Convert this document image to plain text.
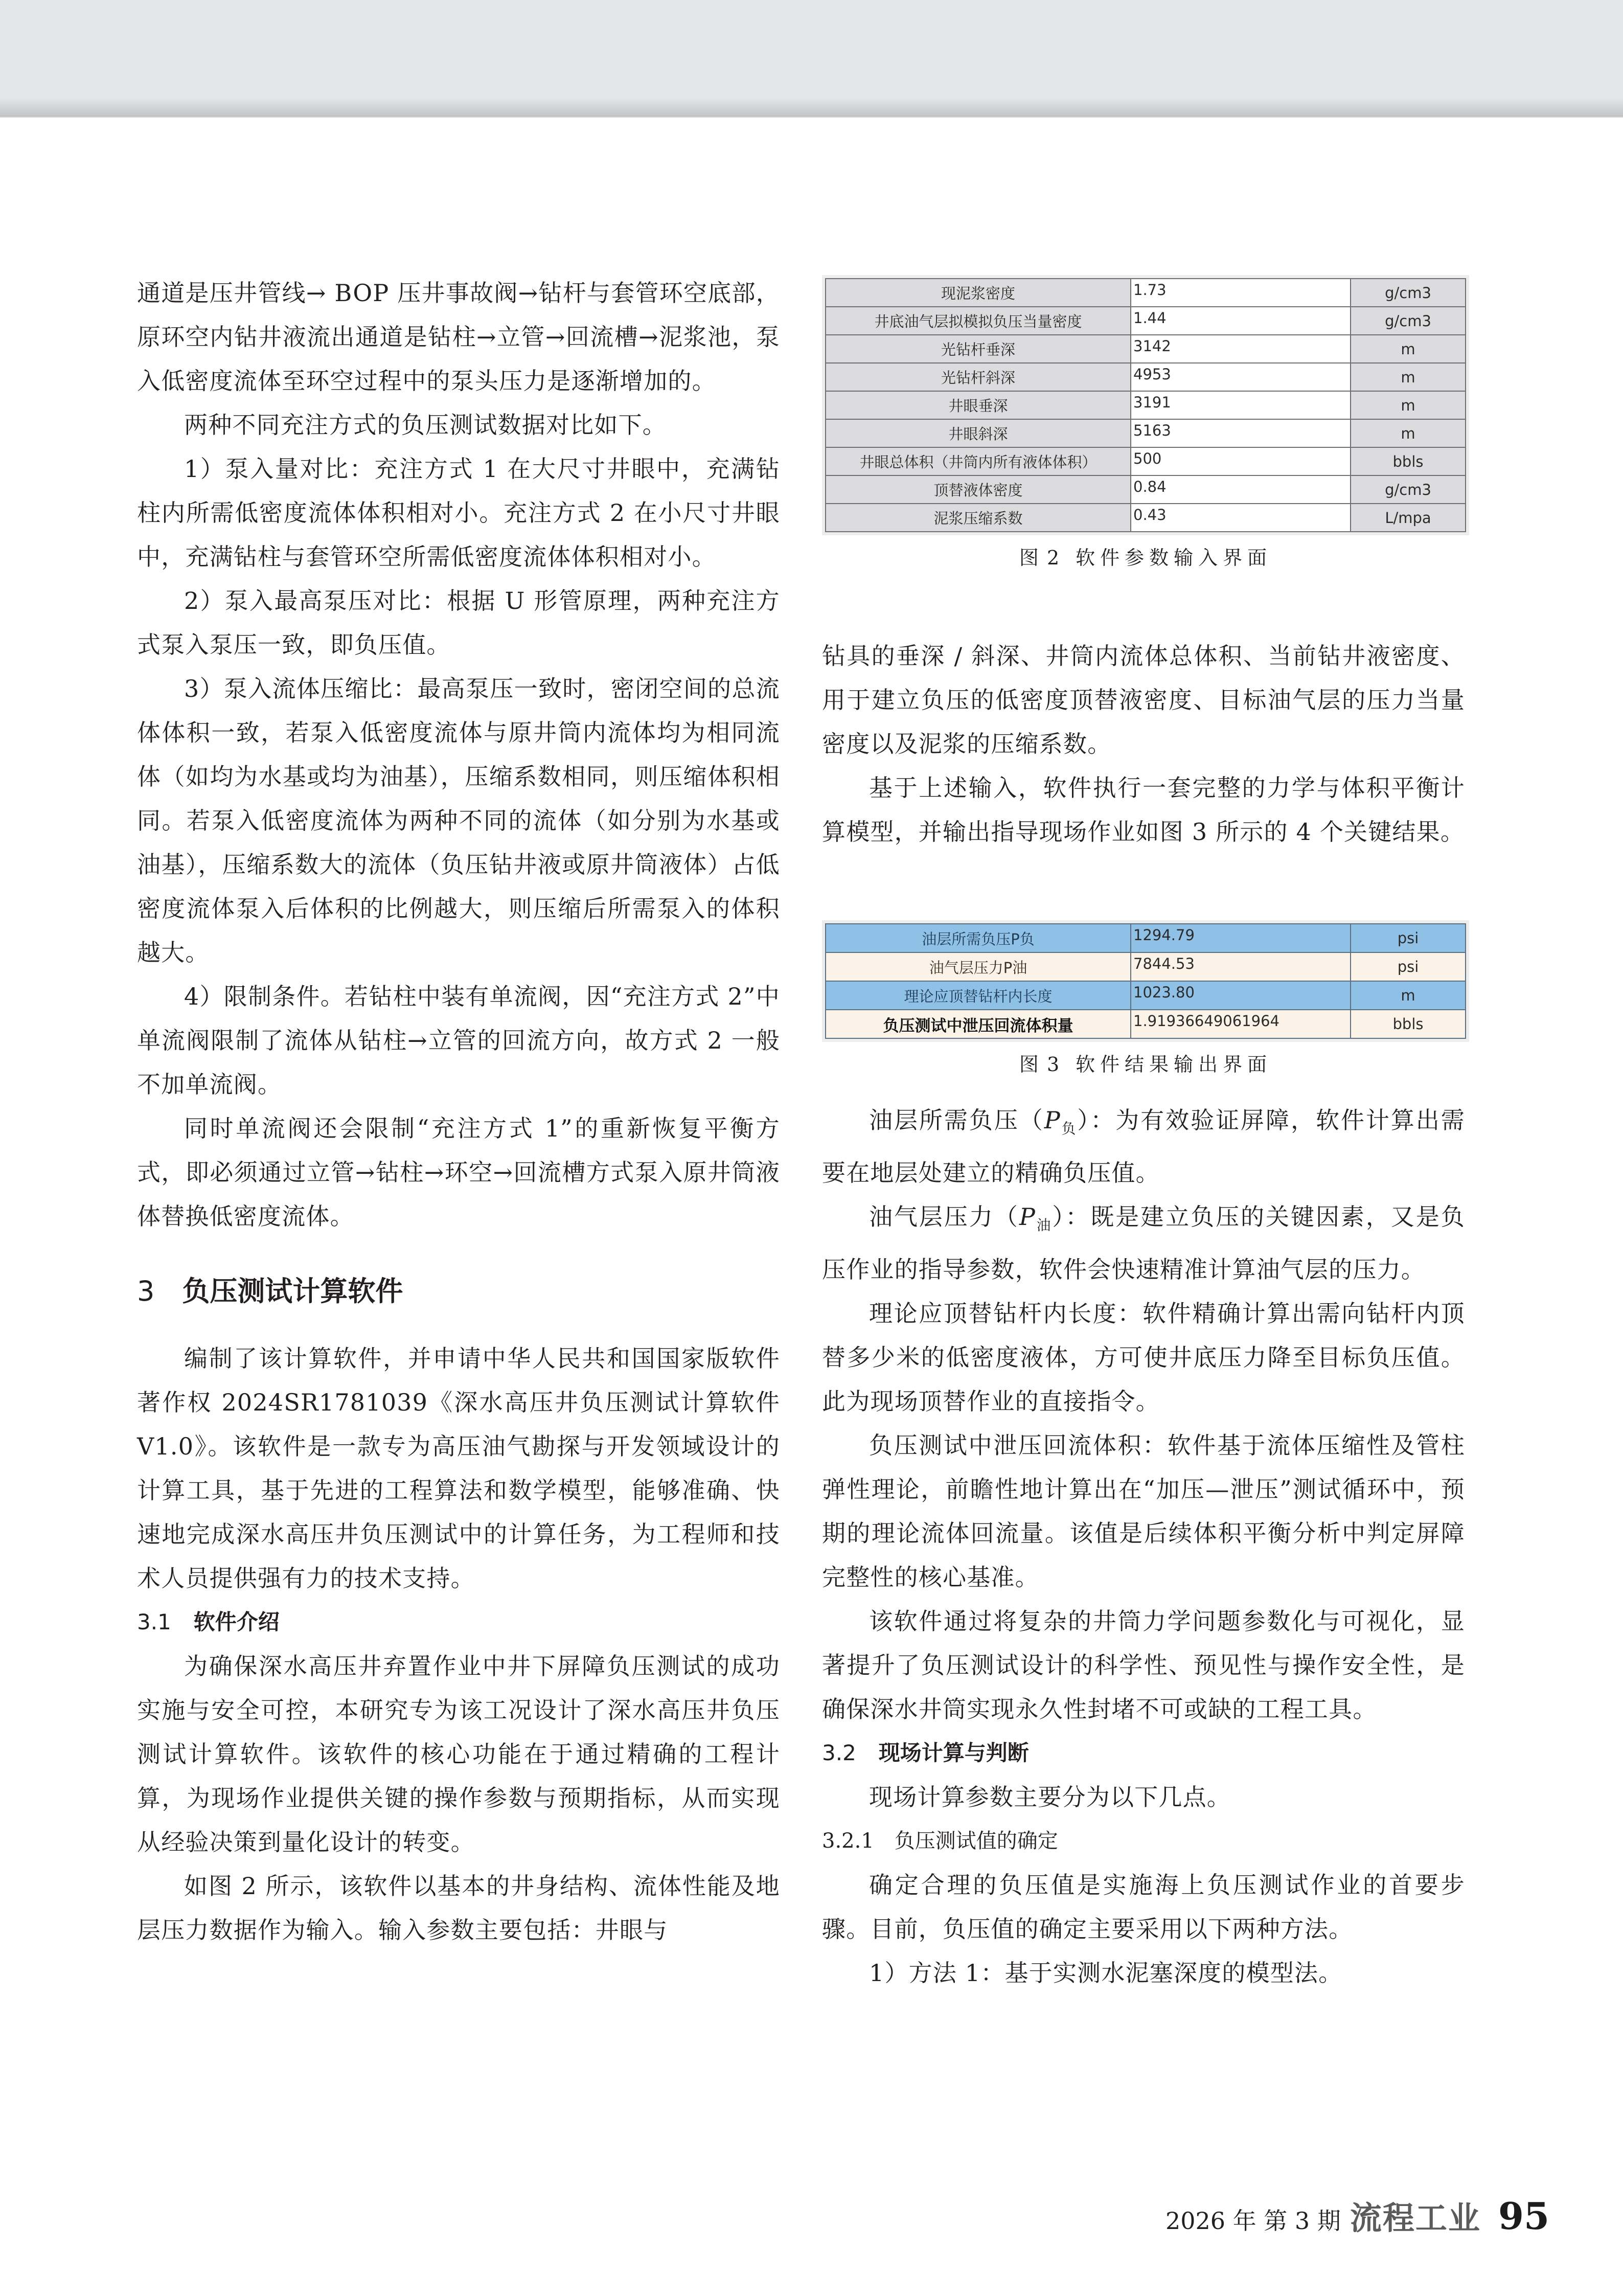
通道是压井管线→ BOP 压井事故阀→钻杆与套管环空底部，原环空内钻井液流出通道是钻柱→立管→回流槽→泥浆池，泵入低密度流体至环空过程中的泵头压力是逐渐增加的。

两种不同充注方式的负压测试数据对比如下。

1）泵入量对比：充注方式 1 在大尺寸井眼中，充满钻柱内所需低密度流体体积相对小。充注方式 2 在小尺寸井眼中，充满钻柱与套管环空所需低密度流体体积相对小。

2）泵入最高泵压对比：根据 U 形管原理，两种充注方式泵入泵压一致，即负压值。

3）泵入流体压缩比：最高泵压一致时，密闭空间的总流体体积一致，若泵入低密度流体与原井筒内流体均为相同流体（如均为水基或均为油基），压缩系数相同，则压缩体积相同。若泵入低密度流体为两种不同的流体（如分别为水基或油基），压缩系数大的流体（负压钻井液或原井筒液体）占低密度流体泵入后体积的比例越大，则压缩后所需泵入的体积越大。

4）限制条件。若钻柱中装有单流阀，因“充注方式 2”中单流阀限制了流体从钻柱→立管的回流方向，故方式 2 一般不加单流阀。

同时单流阀还会限制“充注方式 1”的重新恢复平衡方式，即必须通过立管→钻柱→环空→回流槽方式泵入原井筒液体替换低密度流体。

3 负压测试计算软件

编制了该计算软件，并申请中华人民共和国国家版软件著作权 2024SR1781039《深水高压井负压测试计算软件 V1.0》。该软件是一款专为高压油气勘探与开发领域设计的计算工具，基于先进的工程算法和数学模型，能够准确、快速地完成深水高压井负压测试中的计算任务，为工程师和技术人员提供强有力的技术支持。

3.1 软件介绍

为确保深水高压井弃置作业中井下屏障负压测试的成功实施与安全可控，本研究专为该工况设计了深水高压井负压测试计算软件。该软件的核心功能在于通过精确的工程计算，为现场作业提供关键的操作参数与预期指标，从而实现从经验决策到量化设计的转变。

如图 2 所示，该软件以基本的井身结构、流体性能及地层压力数据作为输入。输入参数主要包括：井眼与

现泥浆密度	1.73	g/cm3
井底油气层拟模拟负压当量密度	1.44	g/cm3
光钻杆垂深	3142	m
光钻杆斜深	4953	m
井眼垂深	3191	m
井眼斜深	5163	m
井眼总体积（井筒内所有液体体积）	500	bbls
顶替液体密度	0.84	g/cm3
泥浆压缩系数	0.43	L/mpa
图 2 软件参数输入界面

钻具的垂深 / 斜深、井筒内流体总体积、当前钻井液密度、用于建立负压的低密度顶替液密度、目标油气层的压力当量密度以及泥浆的压缩系数。

基于上述输入，软件执行一套完整的力学与体积平衡计算模型，并输出指导现场作业如图 3 所示的 4 个关键结果。

油层所需负压P负	1294.79	psi
油气层压力P油	7844.53	psi
理论应顶替钻杆内长度	1023.80	m
负压测试中泄压回流体积量	1.91936649061964	bbls
图 3 软件结果输出界面

油层所需负压$(P_负)$：为有效验证屏障，软件计算出需要在地层处建立的精确负压值。

油气层压力$(P_油)$：既是建立负压的关键因素，又是负压作业的指导参数，软件会快速精准计算油气层的压力。

理论应顶替钻杆内长度：软件精确计算出需向钻杆内顶替多少米的低密度液体，方可使井底压力降至目标负压值。此为现场顶替作业的直接指令。

负压测试中泄压回流体积：软件基于流体压缩性及管柱弹性理论，前瞻性地计算出在“加压—泄压”测试循环中，预期的理论流体回流量。该值是后续体积平衡分析中判定屏障完整性的核心基准。

该软件通过将复杂的井筒力学问题参数化与可视化，显著提升了负压测试设计的科学性、预见性与操作安全性，是确保深水井筒实现永久性封堵不可或缺的工程工具。

3.2 现场计算与判断

现场计算参数主要分为以下几点。

3.2.1 负压测试值的确定

确定合理的负压值是实施海上负压测试作业的首要步骤。目前，负压值的确定主要采用以下两种方法。

1）方法 1：基于实测水泥塞深度的模型法。

2026 年 第 3 期 流程工业 95
